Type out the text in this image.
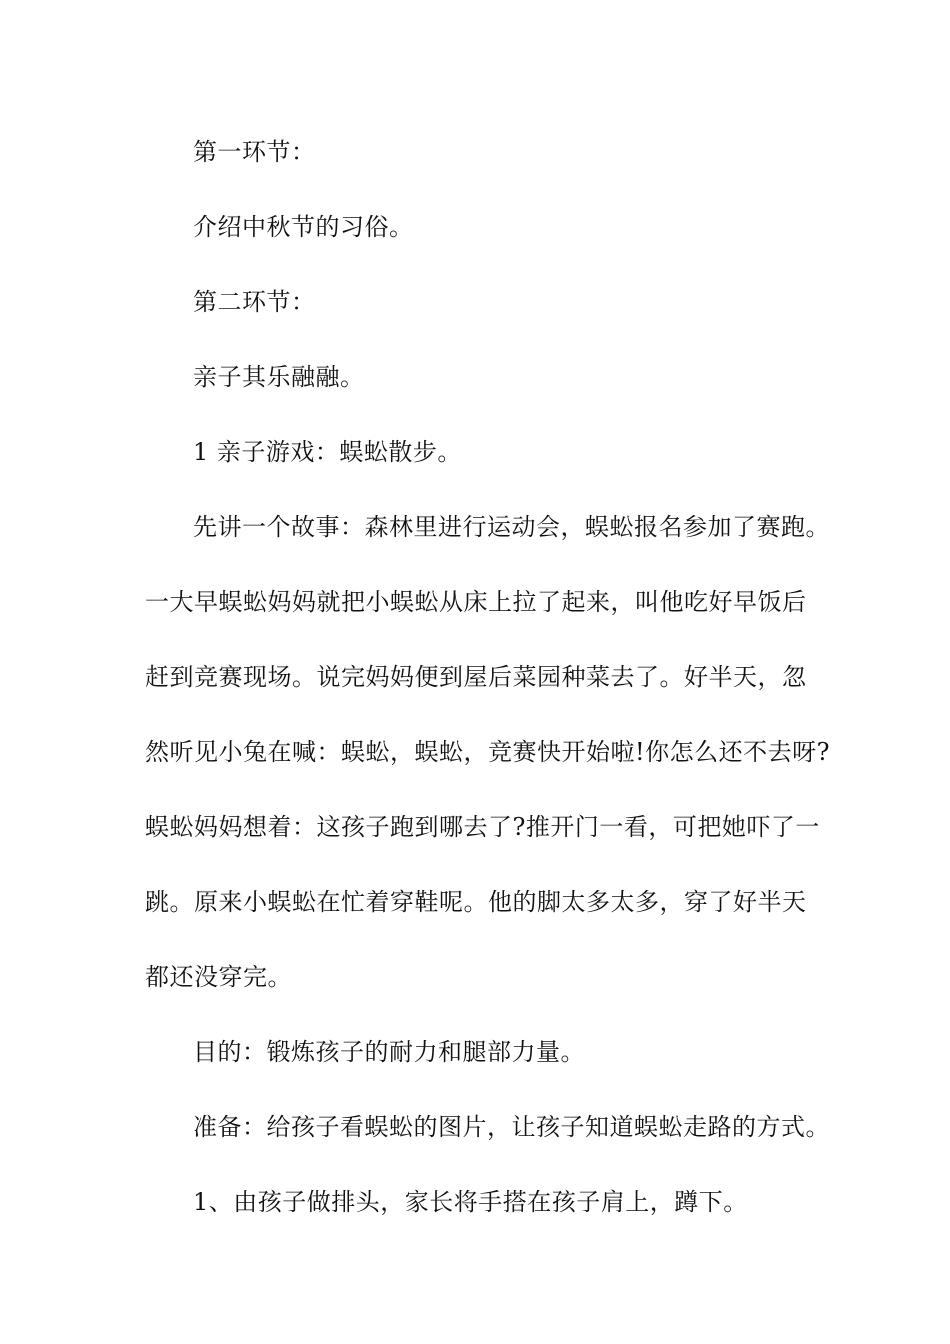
第一环节：
介绍中秋节的习俗。
第二环节：
亲子其乐融融。
1 亲子游戏：蜈蚣散步。
先讲一个故事：森林里进行运动会，蜈蚣报名参加了赛跑。
一大早蜈蚣妈妈就把小蜈蚣从床上拉了起来，叫他吃好早饭后
赶到竞赛现场。说完妈妈便到屋后菜园种菜去了。好半天，忽
然听见小兔在喊：蜈蚣，蜈蚣，竞赛快开始啦!你怎么还不去呀?
蜈蚣妈妈想着：这孩子跑到哪去了?推开门一看，可把她吓了一
跳。原来小蜈蚣在忙着穿鞋呢。他的脚太多太多，穿了好半天
都还没穿完。
目的：锻炼孩子的耐力和腿部力量。
准备：给孩子看蜈蚣的图片，让孩子知道蜈蚣走路的方式。
1、由孩子做排头，家长将手搭在孩子肩上，蹲下。
